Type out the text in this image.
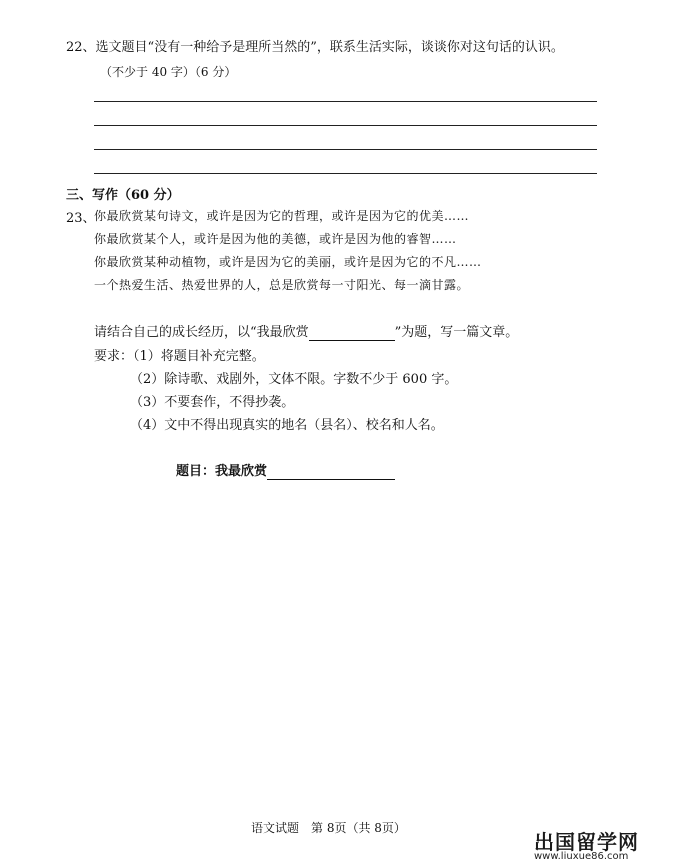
22、选文题目“没有一种给予是理所当然的”，联系生活实际，谈谈你对这句话的认识。
（不少于 40 字）（6 分）
三、写作（60 分）
23、
你最欣赏某句诗文，或许是因为它的哲理，或许是因为它的优美……
你最欣赏某个人，或许是因为他的美德，或许是因为他的睿智……
你最欣赏某种动植物，或许是因为它的美丽，或许是因为它的不凡……
一个热爱生活、热爱世界的人，总是欣赏每一寸阳光、每一滴甘露。
请结合自己的成长经历，以“我最欣赏	”为题，写一篇文章。
要求：（1）将题目补充完整。
（2）除诗歌、戏剧外，文体不限。字数不少于 600 字。
（3）不要套作，不得抄袭。
（4）文中不得出现真实的地名（县名）、校名和人名。
题目：我最欣赏
语文试题　第 8页（共 8页）
出国留学网
www.liuxue86.com
